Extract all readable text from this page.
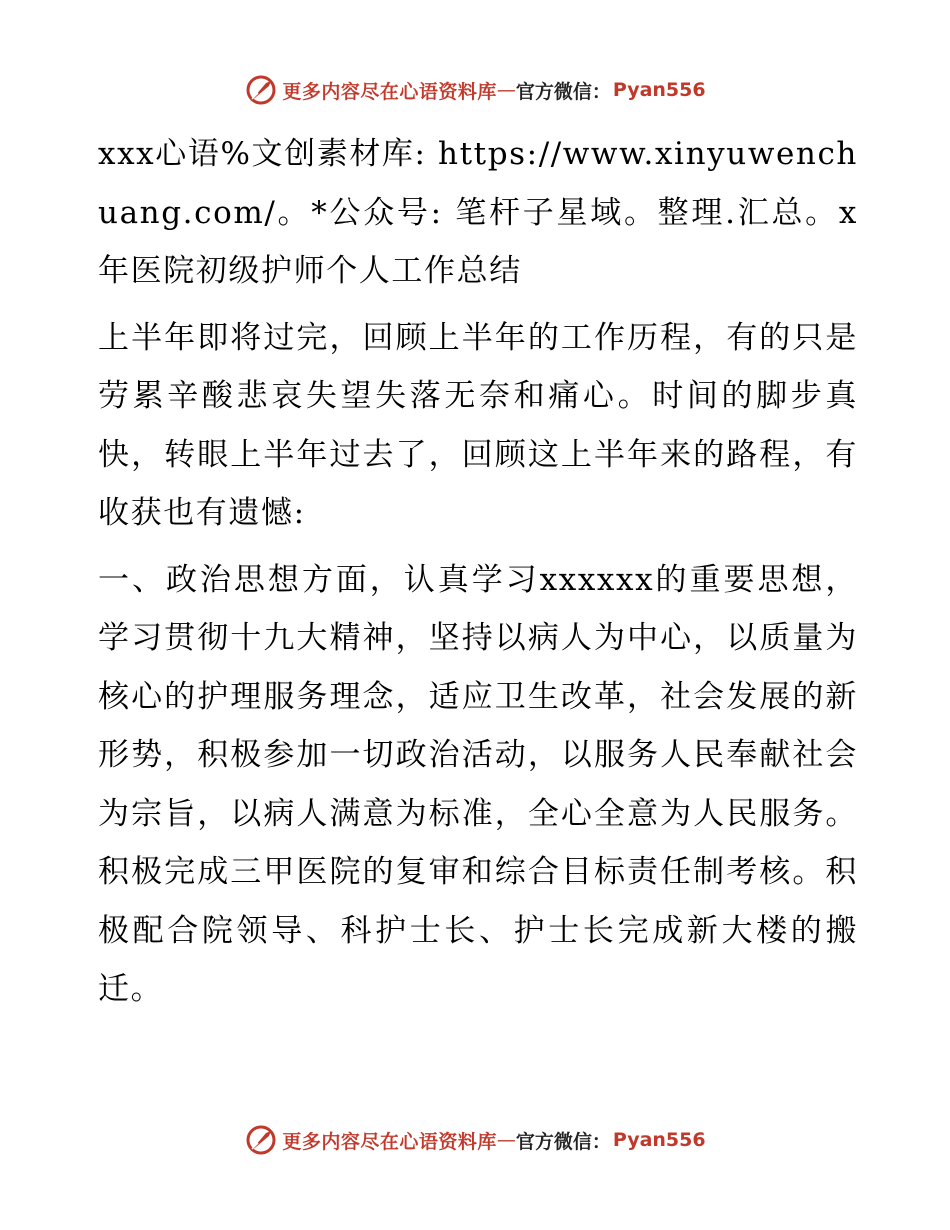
更多内容尽在心语资料库 — 官方微信： Pyan556

xxx心语%文创素材库: https://www.xinyuwenchuang.com/。*公众号: 笔杆子星域。整理.汇总。x年医院初级护师个人工作总结

上半年即将过完，回顾上半年的工作历程，有的只是劳累辛酸悲哀失望失落无奈和痛心。时间的脚步真快，转眼上半年过去了，回顾这上半年来的路程，有收获也有遗憾:

一、政治思想方面，认真学习xxxxxx的重要思想，学习贯彻十九大精神，坚持以病人为中心，以质量为核心的护理服务理念，适应卫生改革，社会发展的新形势，积极参加一切政治活动，以服务人民奉献社会为宗旨，以病人满意为标准，全心全意为人民服务。积极完成三甲医院的复审和综合目标责任制考核。积极配合院领导、科护士长、护士长完成新大楼的搬迁。

更多内容尽在心语资料库 — 官方微信： Pyan556
